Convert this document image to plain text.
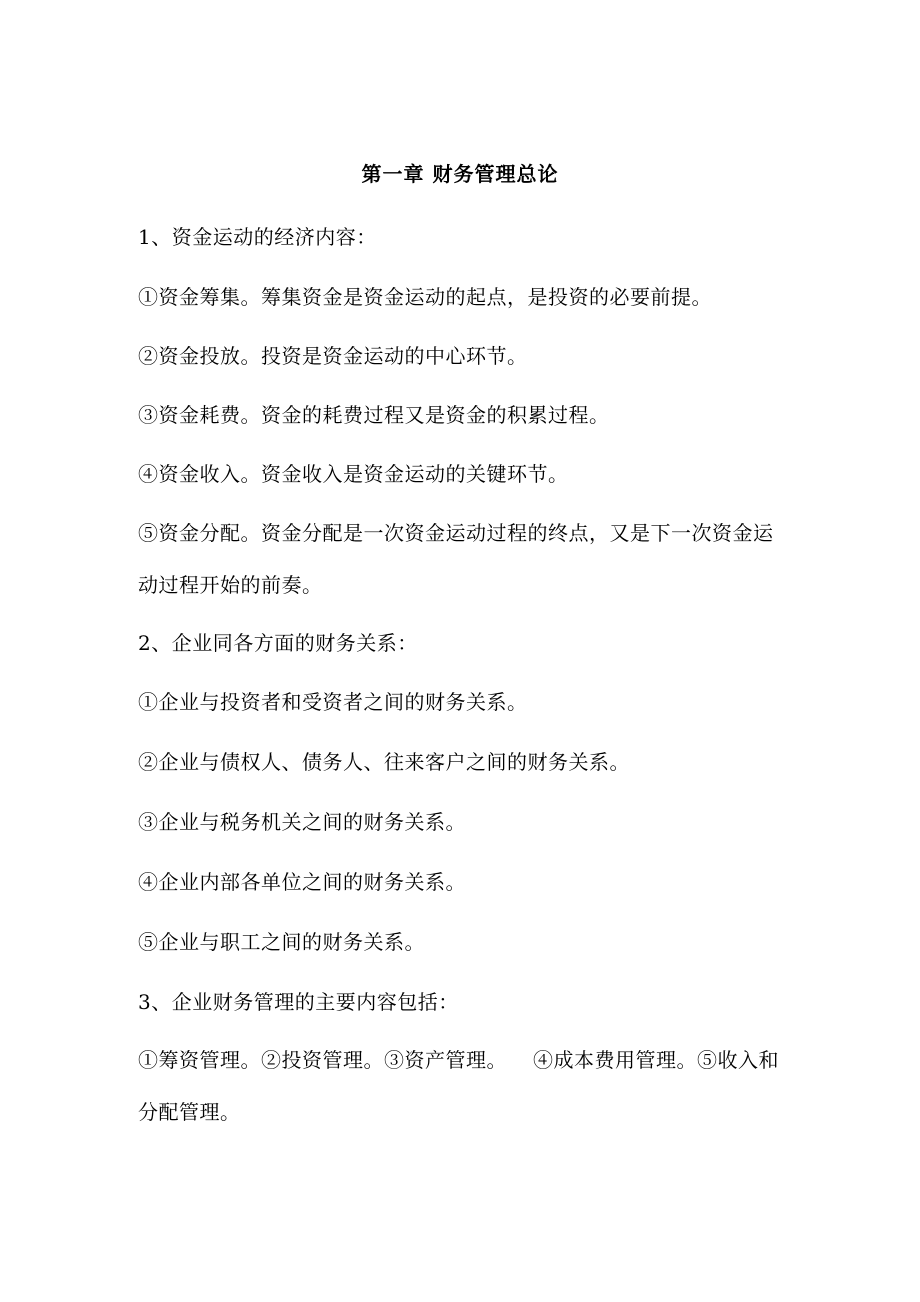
第一章 财务管理总论
1、资金运动的经济内容：
①资金筹集。筹集资金是资金运动的起点，是投资的必要前提。
②资金投放。投资是资金运动的中心环节。
③资金耗费。资金的耗费过程又是资金的积累过程。
④资金收入。资金收入是资金运动的关键环节。
⑤资金分配。资金分配是一次资金运动过程的终点，又是下一次资金运动过程开始的前奏。
2、企业同各方面的财务关系：
①企业与投资者和受资者之间的财务关系。
②企业与债权人、债务人、往来客户之间的财务关系。
③企业与税务机关之间的财务关系。
④企业内部各单位之间的财务关系。
⑤企业与职工之间的财务关系。
3、企业财务管理的主要内容包括：
①筹资管理。②投资管理。③资产管理。 ④成本费用管理。⑤收入和分配管理。
